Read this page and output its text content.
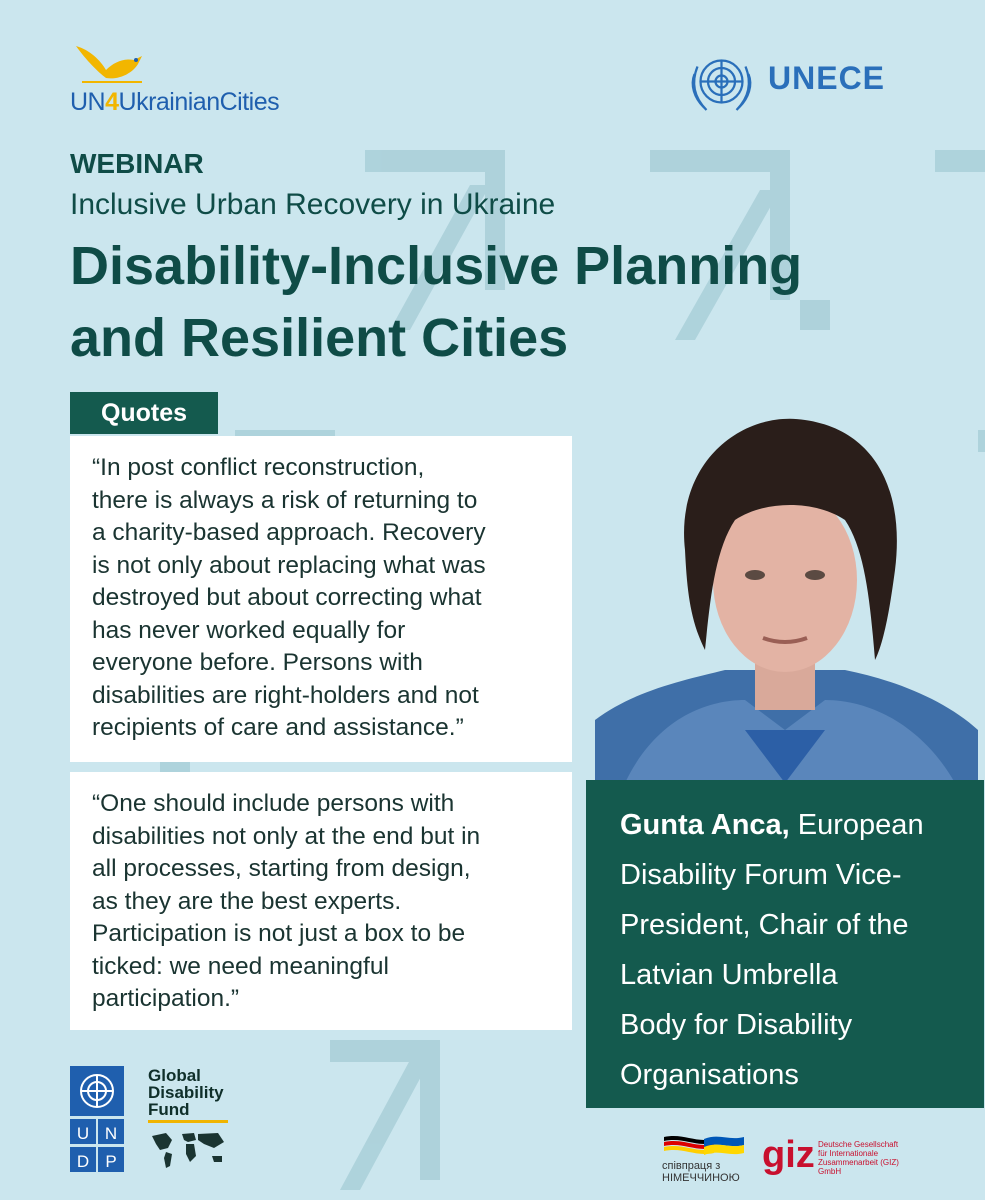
UN4UkrainianCities
UNECE
WEBINAR
Inclusive Urban Recovery in Ukraine
Disability-Inclusive Planning
and Resilient Cities
Quotes
“In post conflict reconstruction,
there is always a risk of returning to
a charity-based approach. Recovery
is not only about replacing what was
destroyed but about correcting what
has never worked equally for
everyone before. Persons with
disabilities are right-holders and not
recipients of care and assistance.”
“One should include persons with
disabilities not only at the end but in
all processes, starting from design,
as they are the best experts.
Participation is not just a box to be
ticked: we need meaningful
participation.”
Gunta Anca, European
Disability Forum Vice-
President, Chair of the
Latvian Umbrella
Body for Disability
Organisations
U N
D P
Global
Disability
Fund
співпраця з
НІМЕЧЧИНОЮ
giz Deutsche Gesellschaft
für Internationale
Zusammenarbeit (GIZ) GmbH
